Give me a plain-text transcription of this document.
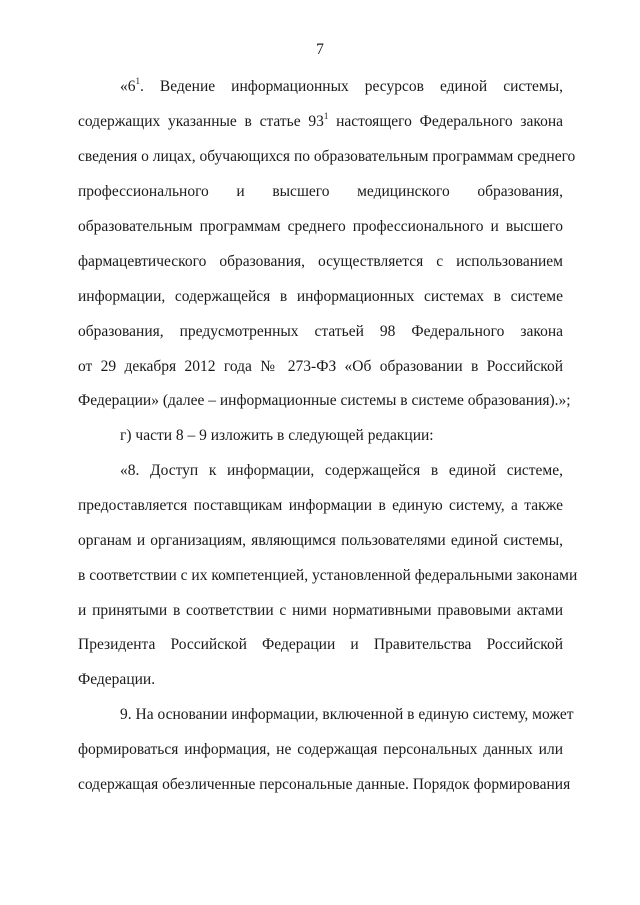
7
«$6^1$. Ведение информационных ресурсов единой системы,
содержащих указанные в статье $93^1$ настоящего Федерального закона
сведения о лицах, обучающихся по образовательным программам среднего
профессионального и высшего медицинского образования,
образовательным программам среднего профессионального и высшего
фармацевтического образования, осуществляется с использованием
информации, содержащейся в информационных системах в системе
образования, предусмотренных статьей 98 Федерального закона
от 29 декабря 2012 года № 273-ФЗ «Об образовании в Российской
Федерации» (далее – информационные системы в системе образования).»;
г) части 8 – 9 изложить в следующей редакции:
«8. Доступ к информации, содержащейся в единой системе,
предоставляется поставщикам информации в единую систему, а также
органам и организациям, являющимся пользователями единой системы,
в соответствии с их компетенцией, установленной федеральными законами
и принятыми в соответствии с ними нормативными правовыми актами
Президента Российской Федерации и Правительства Российской
Федерации.
9. На основании информации, включенной в единую систему, может
формироваться информация, не содержащая персональных данных или
содержащая обезличенные персональные данные. Порядок формирования
